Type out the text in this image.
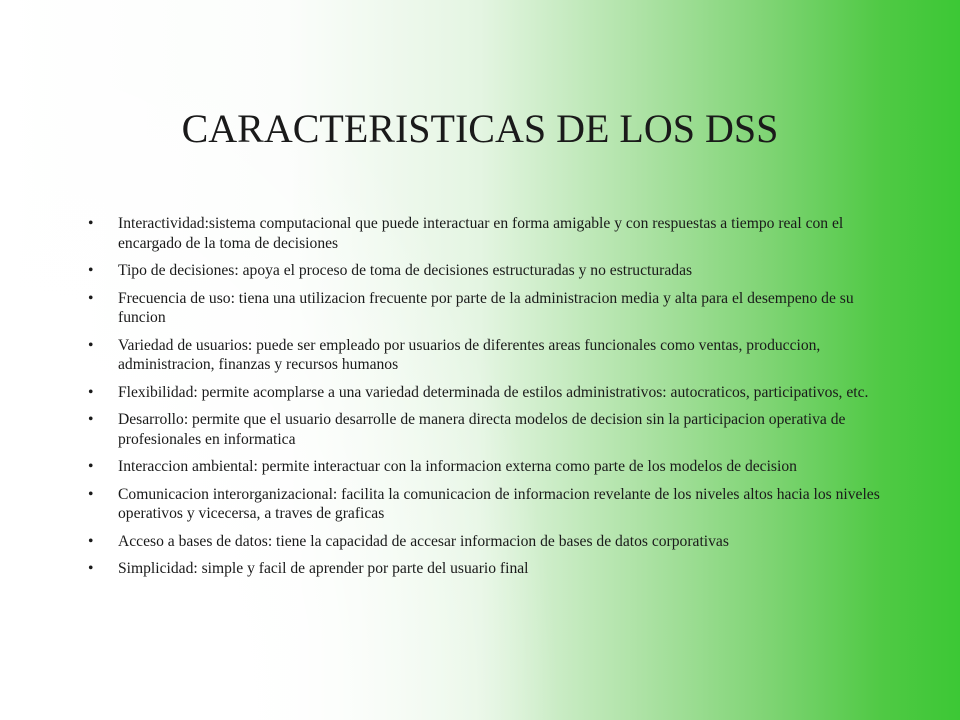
CARACTERISTICAS DE LOS DSS
• Interactividad:sistema computacional que puede interactuar en forma amigable y con respuestas a tiempo real con el encargado de la toma de decisiones
• Tipo de decisiones: apoya el proceso de toma de decisiones estructuradas y no estructuradas
• Frecuencia de uso: tiena una utilizacion frecuente por parte de la administracion media y alta para el desempeno de su funcion
• Variedad de usuarios: puede ser empleado por usuarios de diferentes areas funcionales como ventas, produccion, administracion, finanzas y recursos humanos
• Flexibilidad: permite acomplarse a una variedad determinada de estilos administrativos: autocraticos, participativos, etc.
• Desarrollo: permite que el usuario desarrolle de manera directa modelos de decision sin la participacion operativa de profesionales en informatica
• Interaccion ambiental: permite interactuar con la informacion externa como parte de los modelos de decision
• Comunicacion interorganizacional: facilita la comunicacion de informacion revelante de los niveles altos hacia los niveles operativos y vicecersa, a traves de graficas
• Acceso a bases de datos: tiene la capacidad de accesar informacion de bases de datos corporativas
• Simplicidad: simple y facil de aprender por parte del usuario final
